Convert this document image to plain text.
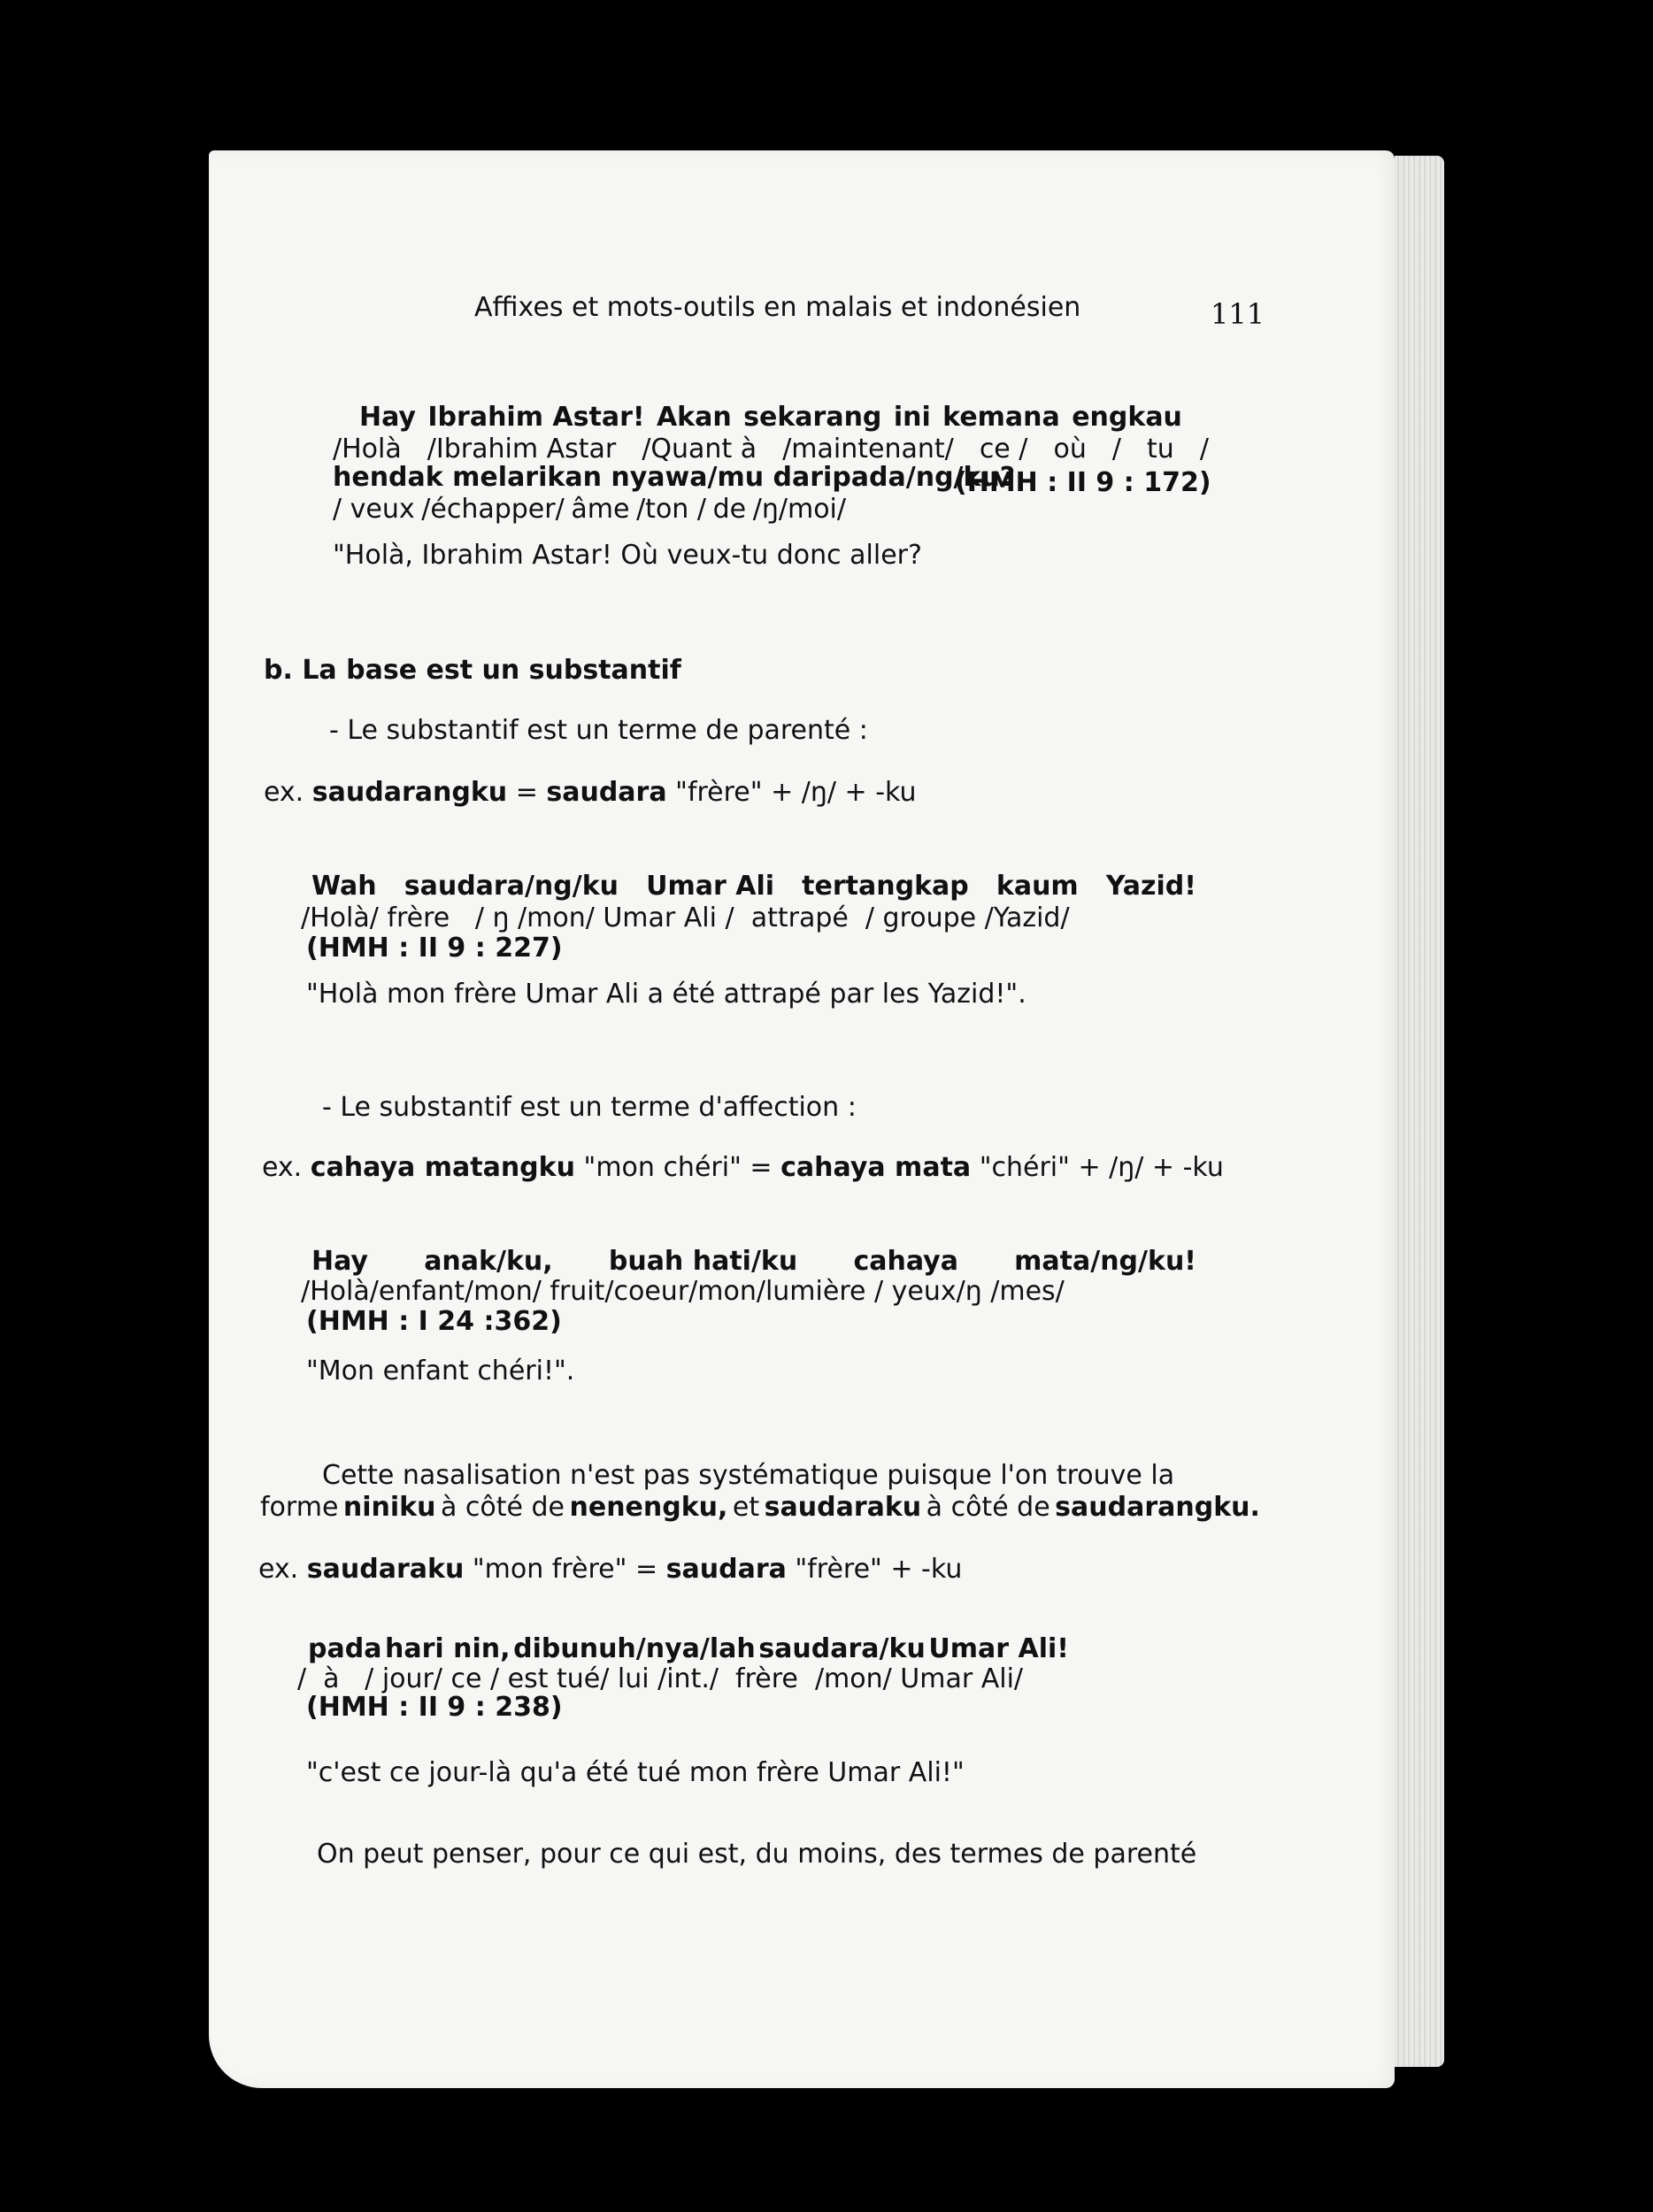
Affixes et mots-outils en malais et indonésien	111
Hay Ibrahim Astar! Akan sekarang ini kemana engkau
/Holà /Ibrahim Astar /Quant à /maintenant/ ce / où / tu /
hendak melarikan nyawa/mu daripada/ng/ku?
(HMH : II 9 : 172)
/ veux /échapper/ âme /ton / de /ŋ/moi/
"Holà, Ibrahim Astar! Où veux-tu donc aller?
b. La base est un substantif
- Le substantif est un terme de parenté :
ex. saudarangku = saudara "frère" + /ŋ/ + -ku
Wah saudara/ng/ku Umar Ali tertangkap kaum Yazid!
/Holà/ frère   / ŋ /mon/ Umar Ali /  attrapé  / groupe /Yazid/
(HMH : II 9 : 227)
"Holà mon frère Umar Ali a été attrapé par les Yazid!".
- Le substantif est un terme d'affection :
ex. cahaya matangku "mon chéri" = cahaya mata "chéri" + /ŋ/ + -ku
Hay anak/ku, buah hati/ku cahaya mata/ng/ku!
/Holà/enfant/mon/ fruit/coeur/mon/lumière / yeux/ŋ /mes/
(HMH : I 24 :362)
"Mon enfant chéri!".
Cette nasalisation n'est pas systématique puisque l'on trouve la
forme niniku à côté de nenengku, et saudaraku à côté de saudarangku.
ex. saudaraku "mon frère" = saudara "frère" + -ku
pada hari nin, dibunuh/nya/lah saudara/ku Umar Ali!
/  à   / jour/ ce / est tué/ lui /int./  frère  /mon/ Umar Ali/
(HMH : II 9 : 238)
"c'est ce jour-là qu'a été tué mon frère Umar Ali!"
On peut penser, pour ce qui est, du moins, des termes de parenté
